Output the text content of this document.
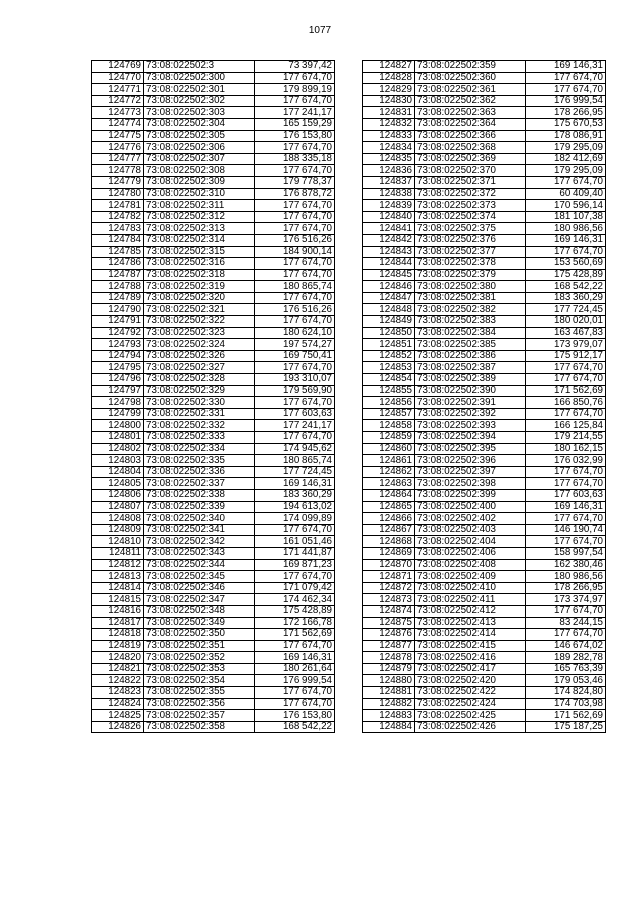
1077
124769	73:08:022502:3	73 397,42
124770	73:08:022502:300	177 674,70
124771	73:08:022502:301	179 899,19
124772	73:08:022502:302	177 674,70
124773	73:08:022502:303	177 241,17
124774	73:08:022502:304	165 159,29
124775	73:08:022502:305	176 153,80
124776	73:08:022502:306	177 674,70
124777	73:08:022502:307	188 335,18
124778	73:08:022502:308	177 674,70
124779	73:08:022502:309	179 778,37
124780	73:08:022502:310	176 878,72
124781	73:08:022502:311	177 674,70
124782	73:08:022502:312	177 674,70
124783	73:08:022502:313	177 674,70
124784	73:08:022502:314	176 516,26
124785	73:08:022502:315	184 900,14
124786	73:08:022502:316	177 674,70
124787	73:08:022502:318	177 674,70
124788	73:08:022502:319	180 865,74
124789	73:08:022502:320	177 674,70
124790	73:08:022502:321	176 516,26
124791	73:08:022502:322	177 674,70
124792	73:08:022502:323	180 624,10
124793	73:08:022502:324	197 574,27
124794	73:08:022502:326	169 750,41
124795	73:08:022502:327	177 674,70
124796	73:08:022502:328	193 310,07
124797	73:08:022502:329	179 569,90
124798	73:08:022502:330	177 674,70
124799	73:08:022502:331	177 603,63
124800	73:08:022502:332	177 241,17
124801	73:08:022502:333	177 674,70
124802	73:08:022502:334	174 945,62
124803	73:08:022502:335	180 865,74
124804	73:08:022502:336	177 724,45
124805	73:08:022502:337	169 146,31
124806	73:08:022502:338	183 360,29
124807	73:08:022502:339	194 613,02
124808	73:08:022502:340	174 099,89
124809	73:08:022502:341	177 674,70
124810	73:08:022502:342	161 051,46
124811	73:08:022502:343	171 441,87
124812	73:08:022502:344	169 871,23
124813	73:08:022502:345	177 674,70
124814	73:08:022502:346	171 079,42
124815	73:08:022502:347	174 462,34
124816	73:08:022502:348	175 428,89
124817	73:08:022502:349	172 166,78
124818	73:08:022502:350	171 562,69
124819	73:08:022502:351	177 674,70
124820	73:08:022502:352	169 146,31
124821	73:08:022502:353	180 261,64
124822	73:08:022502:354	176 999,54
124823	73:08:022502:355	177 674,70
124824	73:08:022502:356	177 674,70
124825	73:08:022502:357	176 153,80
124826	73:08:022502:358	168 542,22
124827	73:08:022502:359	169 146,31
124828	73:08:022502:360	177 674,70
124829	73:08:022502:361	177 674,70
124830	73:08:022502:362	176 999,54
124831	73:08:022502:363	178 266,95
124832	73:08:022502:364	175 670,53
124833	73:08:022502:366	178 086,91
124834	73:08:022502:368	179 295,09
124835	73:08:022502:369	182 412,69
124836	73:08:022502:370	179 295,09
124837	73:08:022502:371	177 674,70
124838	73:08:022502:372	60 409,40
124839	73:08:022502:373	170 596,14
124840	73:08:022502:374	181 107,38
124841	73:08:022502:375	180 986,56
124842	73:08:022502:376	169 146,31
124843	73:08:022502:377	177 674,70
124844	73:08:022502:378	153 560,69
124845	73:08:022502:379	175 428,89
124846	73:08:022502:380	168 542,22
124847	73:08:022502:381	183 360,29
124848	73:08:022502:382	177 724,45
124849	73:08:022502:383	180 020,01
124850	73:08:022502:384	163 467,83
124851	73:08:022502:385	173 979,07
124852	73:08:022502:386	175 912,17
124853	73:08:022502:387	177 674,70
124854	73:08:022502:389	177 674,70
124855	73:08:022502:390	171 562,69
124856	73:08:022502:391	166 850,76
124857	73:08:022502:392	177 674,70
124858	73:08:022502:393	166 125,84
124859	73:08:022502:394	179 214,55
124860	73:08:022502:395	180 162,15
124861	73:08:022502:396	176 032,99
124862	73:08:022502:397	177 674,70
124863	73:08:022502:398	177 674,70
124864	73:08:022502:399	177 603,63
124865	73:08:022502:400	169 146,31
124866	73:08:022502:402	177 674,70
124867	73:08:022502:403	146 190,74
124868	73:08:022502:404	177 674,70
124869	73:08:022502:406	158 997,54
124870	73:08:022502:408	162 380,46
124871	73:08:022502:409	180 986,56
124872	73:08:022502:410	178 266,95
124873	73:08:022502:411	173 374,97
124874	73:08:022502:412	177 674,70
124875	73:08:022502:413	83 244,15
124876	73:08:022502:414	177 674,70
124877	73:08:022502:415	146 674,02
124878	73:08:022502:416	189 282,78
124879	73:08:022502:417	165 763,39
124880	73:08:022502:420	179 053,46
124881	73:08:022502:422	174 824,80
124882	73:08:022502:424	174 703,98
124883	73:08:022502:425	171 562,69
124884	73:08:022502:426	175 187,25
